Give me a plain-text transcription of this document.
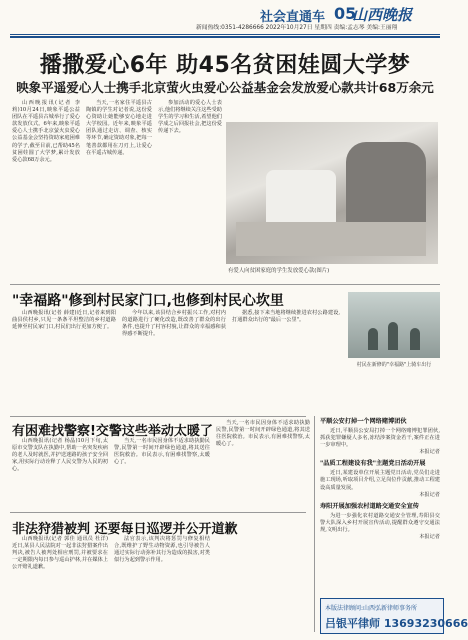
社会直通车 05
山西晚报
新闻热线:0351-4286666 2022年10月27日 星期四 责编:孟志琴 美编:王丽翔
播撒爱心6年 助45名贫困娃圆大学梦
映象平遥爱心人士携手北京萤火虫爱心公益基金会发放爱心款共计68万余元

山西晚报讯(记者 李莉)10月24日,映象平遥公益团队在平遥县古城举行了爱心款发放仪式。6年来,映象平遥爱心人士携手北京萤火虫爱心公益基金会坚持资助家庭困难的学子,截至目前,已帮助45名贫困娃圆了大学梦,累计发放爱心款68万余元。

当天,一名家住平遥县古陶镇的学生对记者说,这份爱心资助让她能够安心地走进大学校园。近年来,映象平遥团队通过走访、调查、核实等环节,确定资助对象,把每一笔善款都用在刀刃上,让爱心在平遥古城传递。

参加活动的爱心人士表示,他们将继续关注这些受助学生的学习和生活,希望他们学成之后回报社会,把这份爱传递下去。

有爱人向贫困家庭的学生发放爱心款(图片)
"幸福路"修到村民家门口,也修到村民心坎里

山西晚报讯(记者 薛建)近日,记者来到阳曲县侯村乡,只见一条条平坦整洁的乡村道路延伸至村民家门口,村民们出行更加方便了。

今年以来,该县结合乡村振兴工作,对村内的道路进行了硬化改造,既改善了群众的出行条件,也提升了村容村貌,让群众的幸福感和获得感不断提升。

据悉,接下来当地将继续推进农村公路建设,打通群众出行的"最后一公里"。

村民在新修的"幸福路"上骑车出行
有困难找警察!交警这些举动太暖了

山西晚报讯(记者 杨晶)10月下旬,太原市交警支队在执勤中,帮助一名突发疾病的老人及时就医,并护送迷路的孩子安全回家,用实际行动诠释了人民交警为人民的初心。

当天,一名市民因身体不适求助执勤民警,民警第一时间开辟绿色通道,将其送往医院救治。市民表示,有困难找警察,太暖心了。

非法狩猎被判 还要每日巡逻并公开道歉

山西晚报讯(记者 郭佳 通讯员 杜洋)近日,某县人民法院对一起非法狩猎案作出判决,被告人被判处相应刑罚,并被要求在一定期限内每日参与巡山护林,并在媒体上公开赔礼道歉。

法官表示,该判决将惩罚与修复相结合,既维护了野生动物资源,也引导被告人通过实际行动弥补其行为造成的损害,对类似行为起到警示作用。

当天,一名市民因身体不适求助执勤民警,民警第一时间开辟绿色通道,将其送往医院救治。市民表示,有困难找警察,太暖心了。

平顺公安打掉一个网络赌博团伙

近日,平顺县公安局打掉一个网络赌博犯罪团伙,抓获犯罪嫌疑人多名,冻结涉案资金若干,案件正在进一步审理中。

本报记者
"品质工程建设有我"主题党日活动开展

近日,某建设单位开展主题党日活动,党员们走进施工现场,听取项目介绍,立足岗位作贡献,推动工程建设高质量发展。

本报记者
寿阳开展加强农村道路交通安全宣传

为进一步强化农村道路交通安全管理,寿阳县交警大队深入乡村开展宣传活动,提醒群众遵守交通法规,文明出行。

本报记者
本版法律顾问:山西弘新律师事务所
吕银平律师 13693230666
